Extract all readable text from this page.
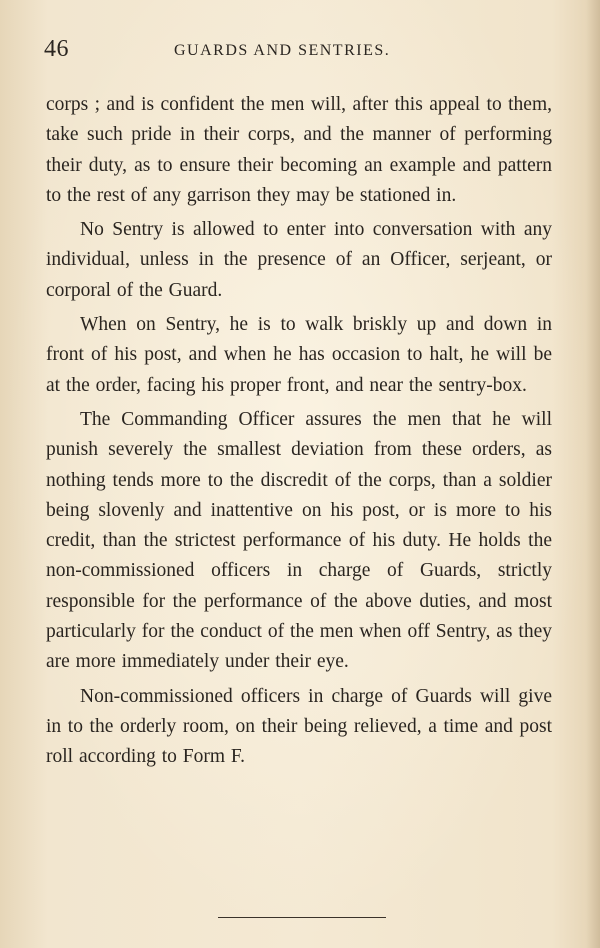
46	GUARDS AND SENTRIES.

corps ; and is confident the men will, after this appeal to them, take such pride in their corps, and the manner of performing their duty, as to ensure their becoming an example and pattern to the rest of any garrison they may be stationed in.

No Sentry is allowed to enter into conversation with any individual, unless in the presence of an Officer, serjeant, or corporal of the Guard.

When on Sentry, he is to walk briskly up and down in front of his post, and when he has occasion to halt, he will be at the order, facing his proper front, and near the sentry-box.

The Commanding Officer assures the men that he will punish severely the smallest deviation from these orders, as nothing tends more to the discredit of the corps, than a soldier being slovenly and inattentive on his post, or is more to his credit, than the strictest performance of his duty. He holds the non-commissioned officers in charge of Guards, strictly responsible for the performance of the above duties, and most particularly for the conduct of the men when off Sentry, as they are more immediately under their eye.

Non-commissioned officers in charge of Guards will give in to the orderly room, on their being relieved, a time and post roll according to Form F.
